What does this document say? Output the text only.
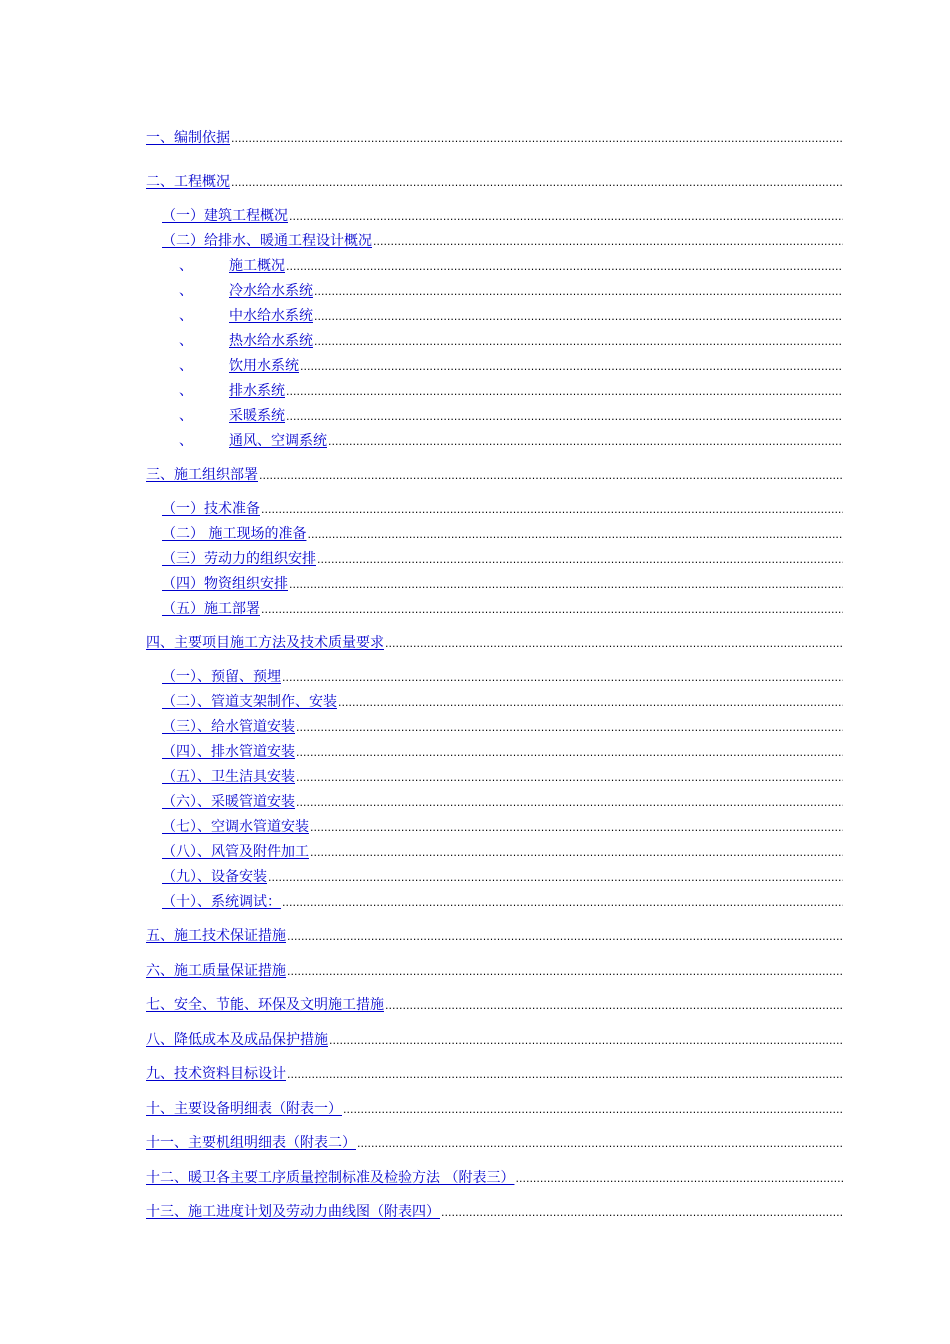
一、编制依据
.....
二、工程概况
.....
（一）建筑工程概况
.....
（二）给排水、暖通工程设计概况
.....
、	施工概况
.....
、	冷水给水系统
.....
、	中水给水系统
.....
、	热水给水系统
.....
、	饮用水系统
.....
、	排水系统
.....
、	采暖系统
.....
、	通风、空调系统
.....
三、施工组织部署
.....
（一）技术准备
.....
（二） 施工现场的准备
.....
（三）劳动力的组织安排
.....
（四）物资组织安排
.....
（五）施工部署
.....
四、主要项目施工方法及技术质量要求
.....
（一）、预留、预埋
.....
（二）、管道支架制作、安装
.....
（三）、给水管道安装
.....
（四）、排水管道安装
.....
（五）、卫生洁具安装
.....
（六）、采暖管道安装
.....
（七）、空调水管道安装
.....
（八）、风管及附件加工
.....
（九）、设备安装
.....
（十）、系统调试：
.....
五、施工技术保证措施
.....
六、施工质量保证措施
.....
七、安全、节能、环保及文明施工措施
.....
八、降低成本及成品保护措施
.....
九、技术资料目标设计
.....
十、主要设备明细表（附表一）
.....
十一、主要机组明细表（附表二）
.....
十二、暖卫各主要工序质量控制标准及检验方法 （附表三）
.....
十三、施工进度计划及劳动力曲线图（附表四）
.....
